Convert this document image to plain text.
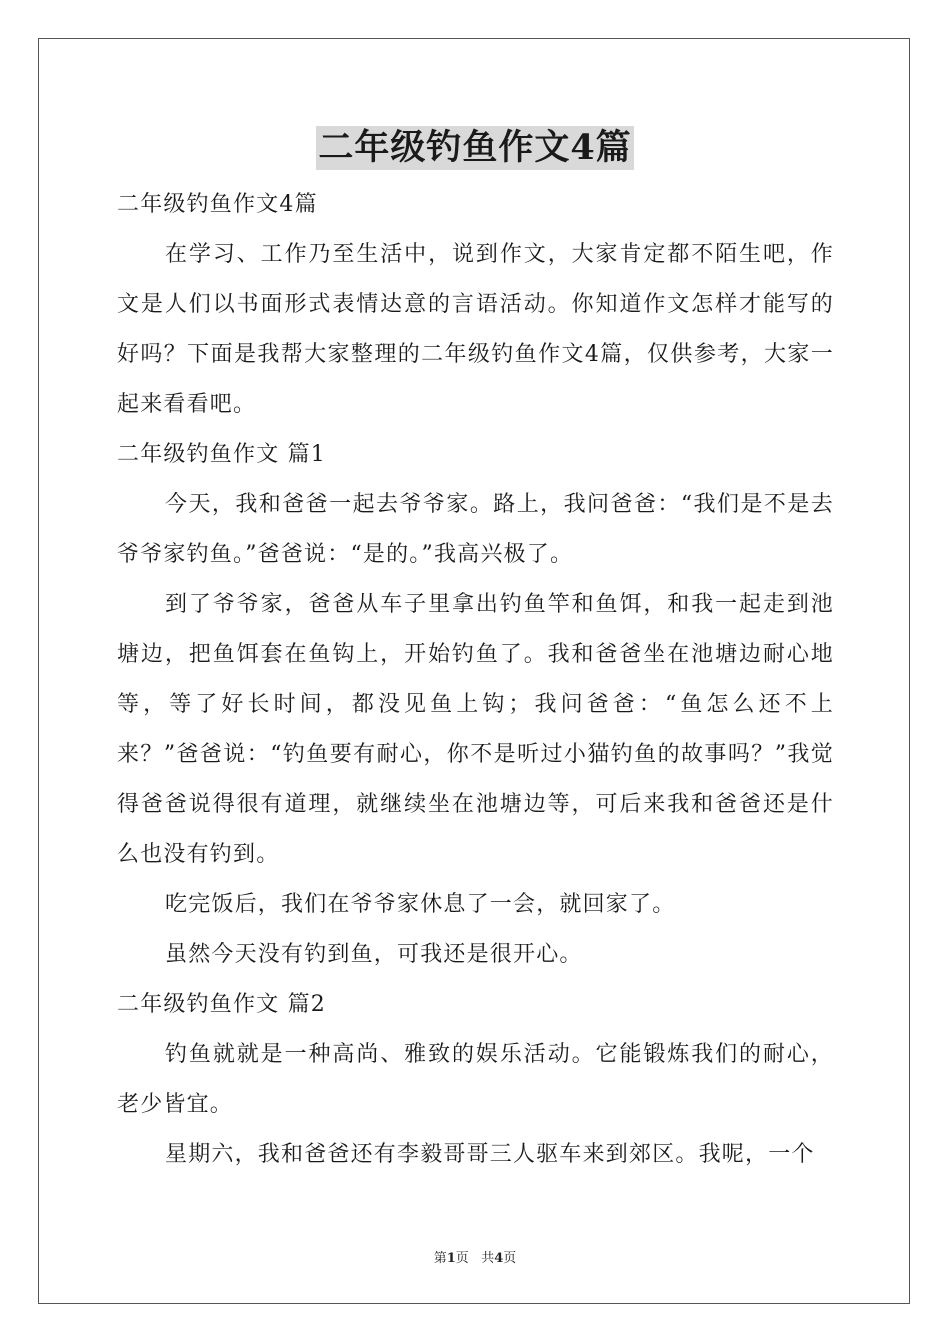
二年级钓鱼作文4篇

二年级钓鱼作文4篇

在学习、工作乃至生活中，说到作文，大家肯定都不陌生吧，作文是人们以书面形式表情达意的言语活动。你知道作文怎样才能写的好吗？下面是我帮大家整理的二年级钓鱼作文4篇，仅供参考，大家一起来看看吧。

二年级钓鱼作文 篇1

今天，我和爸爸一起去爷爷家。路上，我问爸爸：“我们是不是去爷爷家钓鱼。”爸爸说：“是的。”我高兴极了。

到了爷爷家，爸爸从车子里拿出钓鱼竿和鱼饵，和我一起走到池塘边，把鱼饵套在鱼钩上，开始钓鱼了。我和爸爸坐在池塘边耐心地等，等了好长时间，都没见鱼上钩；我问爸爸：“鱼怎么还不上来？”爸爸说：“钓鱼要有耐心，你不是听过小猫钓鱼的故事吗？”我觉得爸爸说得很有道理，就继续坐在池塘边等，可后来我和爸爸还是什么也没有钓到。

吃完饭后，我们在爷爷家休息了一会，就回家了。

虽然今天没有钓到鱼，可我还是很开心。

二年级钓鱼作文 篇2

钓鱼就就是一种高尚、雅致的娱乐活动。它能锻炼我们的耐心，老少皆宜。

星期六，我和爸爸还有李毅哥哥三人驱车来到郊区。我呢，一个

第1页 共4页
